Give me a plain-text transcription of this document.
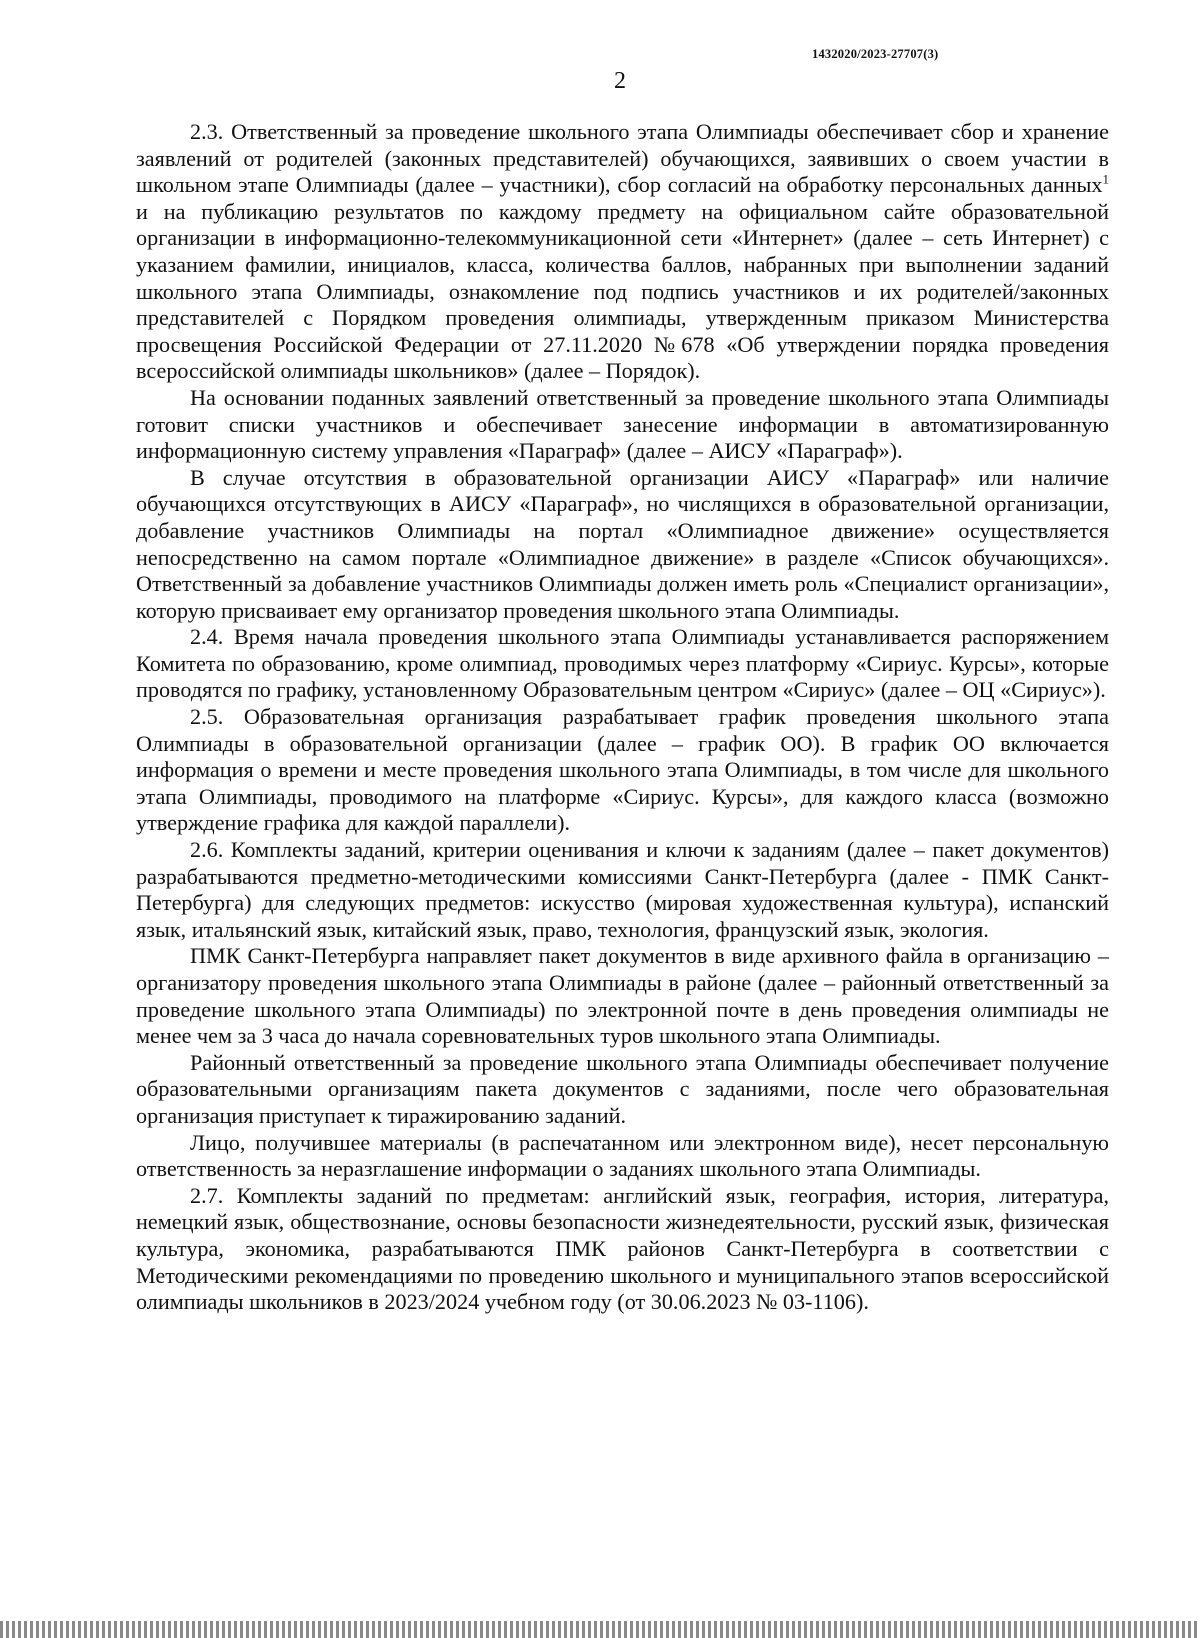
1432020/2023-27707(3)
2

2.3. Ответственный за проведение школьного этапа Олимпиады обеспечивает сбор и хранение заявлений от родителей (законных представителей) обучающихся, заявивших о своем участии в школьном этапе Олимпиады (далее – участники), сбор согласий на обработку персональных данных$^1$ и на публикацию результатов по каждому предмету на официальном сайте образовательной организации в информационно-телекоммуникационной сети «Интернет» (далее – сеть Интернет) с указанием фамилии, инициалов, класса, количества баллов, набранных при выполнении заданий школьного этапа Олимпиады, ознакомление под подпись участников и их родителей/законных представителей с Порядком проведения олимпиады, утвержденным приказом Министерства просвещения Российской Федерации от 27.11.2020 №678 «Об утверждении порядка проведения всероссийской олимпиады школьников» (далее – Порядок).

На основании поданных заявлений ответственный за проведение школьного этапа Олимпиады готовит списки участников и обеспечивает занесение информации в автоматизированную информационную систему управления «Параграф» (далее – АИСУ «Параграф»).

В случае отсутствия в образовательной организации АИСУ «Параграф» или наличие обучающихся отсутствующих в АИСУ «Параграф», но числящихся в образовательной организации, добавление участников Олимпиады на портал «Олимпиадное движение» осуществляется непосредственно на самом портале «Олимпиадное движение» в разделе «Список обучающихся». Ответственный за добавление участников Олимпиады должен иметь роль «Специалист организации», которую присваивает ему организатор проведения школьного этапа Олимпиады.

2.4. Время начала проведения школьного этапа Олимпиады устанавливается распоряжением Комитета по образованию, кроме олимпиад, проводимых через платформу «Сириус. Курсы», которые проводятся по графику, установленному Образовательным центром «Сириус» (далее – ОЦ «Сириус»).

2.5. Образовательная организация разрабатывает график проведения школьного этапа Олимпиады в образовательной организации (далее – график ОО). В график ОО включается информация о времени и месте проведения школьного этапа Олимпиады, в том числе для школьного этапа Олимпиады, проводимого на платформе «Сириус. Курсы», для каждого класса (возможно утверждение графика для каждой параллели).

2.6. Комплекты заданий, критерии оценивания и ключи к заданиям (далее – пакет документов) разрабатываются предметно-методическими комиссиями Санкт-Петербурга (далее - ПМК Санкт-Петербурга) для следующих предметов: искусство (мировая художественная культура), испанский язык, итальянский язык, китайский язык, право, технология, французский язык, экология.

ПМК Санкт-Петербурга направляет пакет документов в виде архивного файла в организацию – организатору проведения школьного этапа Олимпиады в районе (далее – районный ответственный за проведение школьного этапа Олимпиады) по электронной почте в день проведения олимпиады не менее чем за 3 часа до начала соревновательных туров школьного этапа Олимпиады.

Районный ответственный за проведение школьного этапа Олимпиады обеспечивает получение образовательными организациям пакета документов с заданиями, после чего образовательная организация приступает к тиражированию заданий.

Лицо, получившее материалы (в распечатанном или электронном виде), несет персональную ответственность за неразглашение информации о заданиях школьного этапа Олимпиады.

2.7. Комплекты заданий по предметам: английский язык, география, история, литература, немецкий язык, обществознание, основы безопасности жизнедеятельности, русский язык, физическая культура, экономика, разрабатываются ПМК районов Санкт-Петербурга в соответствии с Методическими рекомендациями по проведению школьного и муниципального этапов всероссийской олимпиады школьников в 2023/2024 учебном году (от 30.06.2023 № 03-1106).
